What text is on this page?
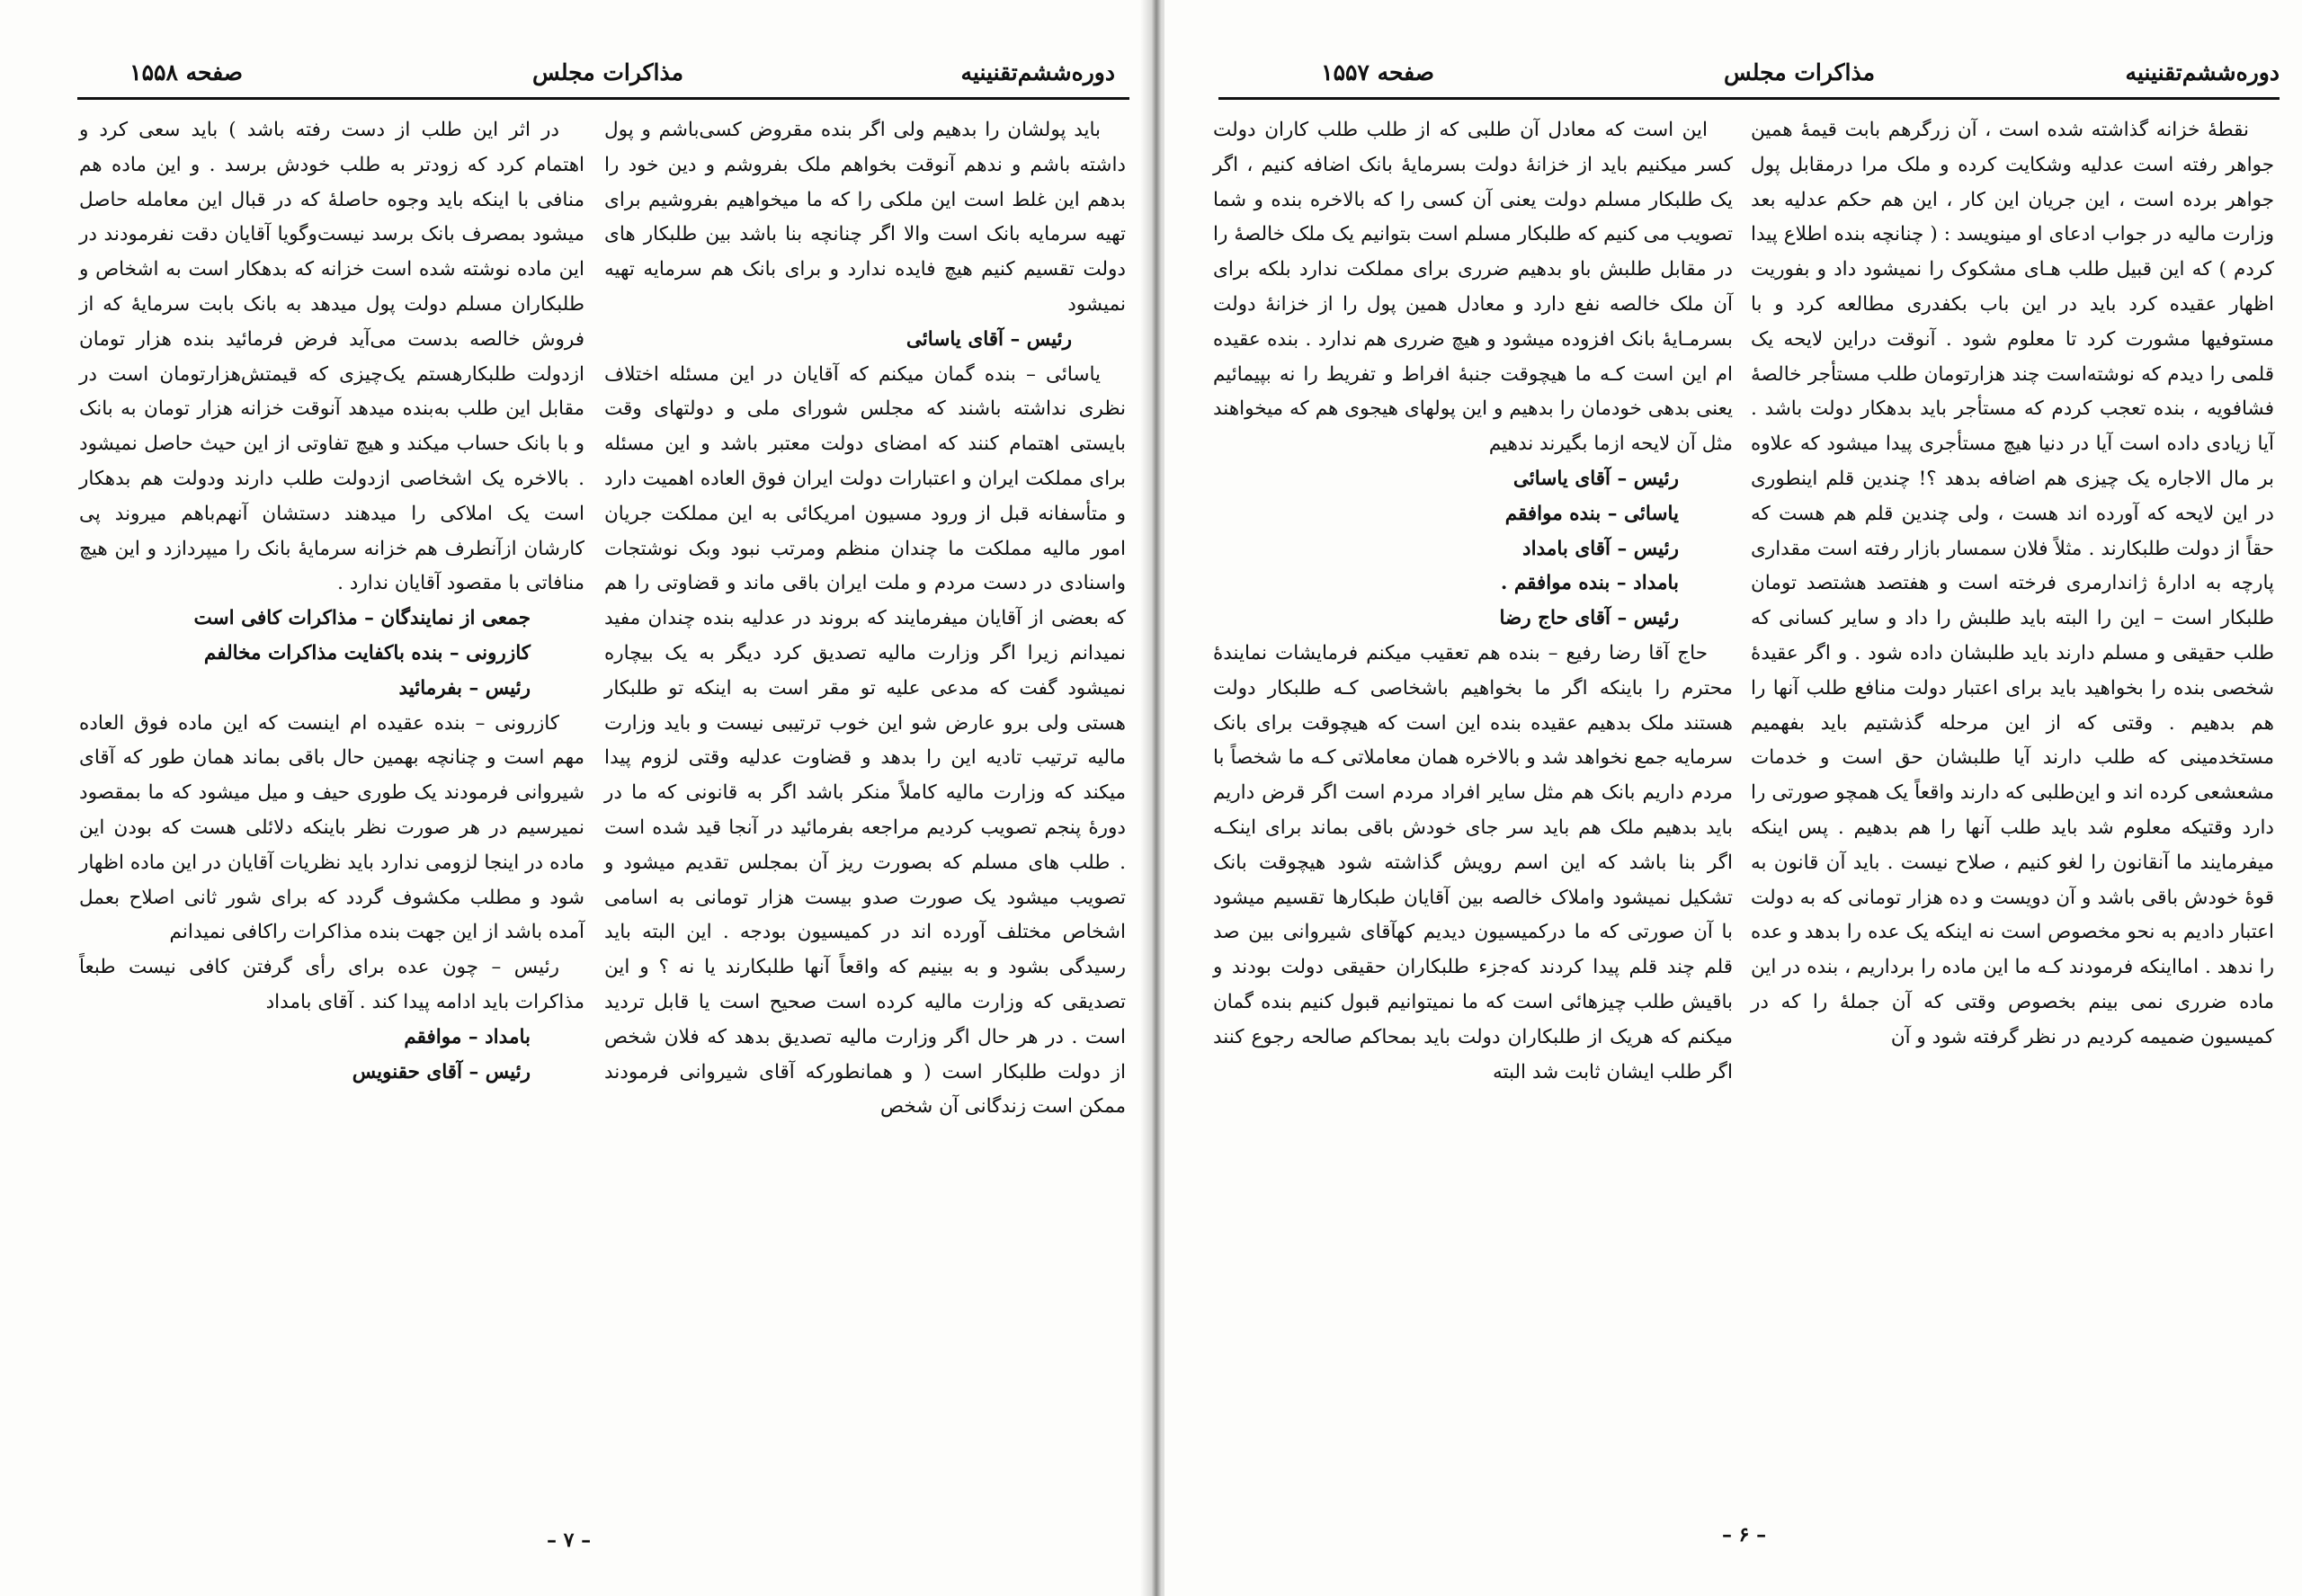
دوره‌ششم‌تقنینیه
مذاکرات مجلس
صفحه ۱۵۵۸

باید پولشان را بدهیم ولی اگر بنده مقروض کسی‌باشم و پول داشته باشم و ندهم آنوقت بخواهم ملک بفروشم و دین خود را بدهم این غلط است این ملکی را که ما میخواهیم بفروشیم برای تهیه سرمایه بانک است والا اگر چنانچه بنا باشد بین طلبکار های دولت تقسیم کنیم هیچ فایده ندارد و برای بانک هم سرمایه تهیه نمیشود

رئیس – آقای یاسائی

یاسائی – بنده گمان میکنم که آقایان در این مسئله اختلاف نظری نداشته باشند که مجلس شورای ملی و دولتهای وقت بایستی اهتمام کنند که امضای دولت معتبر باشد و این مسئله برای مملکت ایران و اعتبارات دولت ایران فوق العاده اهمیت دارد و متأسفانه قبل از ورود مسیون امریکائی به این مملکت جریان امور مالیه مملکت ما چندان منظم ومرتب نبود وبک نوشتجات واسنادی در دست مردم و ملت ایران باقی ماند و قضاوتی را هم که بعضی از آقایان میفرمایند که بروند در عدلیه بنده چندان مفید نمیدانم زیرا اگر وزارت مالیه تصدیق کرد دیگر به یک بیچاره نمیشود گفت که مدعی علیه تو مقر است به اینکه تو طلبکار هستی ولی برو عارض شو این خوب ترتیبی نیست و باید وزارت مالیه ترتیب تادیه این را بدهد و قضاوت عدلیه وقتی لزوم پیدا میکند که وزارت مالیه کاملاً منکر باشد اگر به قانونی که ما در دورهٔ پنجم تصویب کردیم مراجعه بفرمائید در آنجا قید شده است . طلب های مسلم که بصورت ریز آن بمجلس تقدیم میشود و تصویب میشود یک صورت صدو بیست هزار تومانی به اسامی اشخاص مختلف آورده اند در کمیسیون بودجه . این البته باید رسیدگی بشود و به بینیم که واقعاً آنها طلبکارند یا نه ؟ و این تصدیقی که وزارت مالیه کرده است صحیح است یا قابل تردید است . در هر حال اگر وزارت مالیه تصدیق بدهد که فلان شخص از دولت طلبکار است ( و همانطورکه آقای شیروانی فرمودند ممکن است زندگانی آن شخص

در اثر این طلب از دست رفته باشد ) باید سعی کرد و اهتمام کرد که زودتر به طلب خودش برسد . و این ماده هم منافی با اینکه باید وجوه حاصلهٔ که در قبال این معامله حاصل میشود بمصرف بانک برسد نیست‌وگویا آقایان دقت نفرمودند در این ماده نوشته شده است خزانه که بدهکار است به اشخاص و طلبکاران مسلم دولت پول میدهد به بانک بابت سرمایهٔ که از فروش خالصه بدست می‌آید فرض فرمائید بنده هزار تومان ازدولت طلبکارهستم یک‌چیزی که قیمتش‌هزارتومان است در مقابل این طلب به‌بنده میدهد آنوقت خزانه هزار تومان به بانک و با بانک حساب میکند و هیچ تفاوتی از این حیث حاصل نمیشود . بالاخره یک اشخاصی ازدولت طلب دارند ودولت هم بدهکار است یک املاکی را میدهند دستشان آنهم‌باهم میروند پی کارشان ازآنطرف هم خزانه سرمایهٔ بانک را میپردازد و این هیچ منافاتی با مقصود آقایان ندارد .

جمعی از نمایندگان – مذاکرات کافی است

کازرونی – بنده باکفایت مذاکرات مخالفم

رئیس – بفرمائید

کازرونی – بنده عقیده ام اینست که این ماده فوق العاده مهم است و چنانچه بهمین حال باقی بماند همان طور که آقای شیروانی فرمودند یک طوری حیف و میل میشود که ما بمقصود نمیرسیم در هر صورت نظر باینکه دلائلی هست که بودن این ماده در اینجا لزومی ندارد باید نظریات آقایان در این ماده اظهار شود و مطلب مکشوف گردد که برای شور ثانی اصلاح بعمل آمده باشد از این جهت بنده مذاکرات راکافی نمیدانم

رئیس – چون عده برای رأی گرفتن کافی نیست طبعاً مذاکرات باید ادامه پیدا کند . آقای بامداد

بامداد – موافقم

رئیس – آقای حقنویس

– ۷ –
دوره‌ششم‌تقنینیه
مذاکرات مجلس
صفحه ۱۵۵۷

نقطهٔ خزانه گذاشته شده است ، آن زرگرهم بابت قیمهٔ همین جواهر رفته است عدلیه وشکایت کرده و ملک مرا درمقابل پول جواهر برده است ، این جریان این کار ، این هم حکم عدلیه بعد وزارت مالیه در جواب ادعای او مینویسد : ( چنانچه بنده اطلاع پیدا کردم ) که این قبیل طلب هـای مشکوک را نمیشود داد و بفوریت اظهار عقیده کرد باید در این باب بکفدری مطالعه کرد و با مستوفیها مشورت کرد تا معلوم شود . آنوقت دراین لایحه یک قلمی را دیدم که نوشته‌است چند هزارتومان طلب مستأجر خالصهٔ فشافویه ، بنده تعجب کردم که مستأجر باید بدهکار دولت باشد . آیا زیادی داده است آیا در دنیا هیچ مستأجری پیدا میشود که علاوه بر مال الاجاره یک چیزی هم اضافه بدهد ؟! چندین قلم اینطوری در این لایحه که آورده اند هست ، ولی چندین قلم هم هست که حقاً از دولت طلبکارند . مثلاً فلان سمسار بازار رفته است مقداری پارچه به ادارهٔ ژاندارمری فرخته است و هفتصد هشتصد تومان طلبکار است – این را البته باید طلبش را داد و سایر کسانی که طلب حقیقی و مسلم دارند باید طلبشان داده شود . و اگر عقیدهٔ شخصی بنده را بخواهید باید برای اعتبار دولت منافع طلب آنها را هم بدهیم . وقتی که از این مرحله گذشتیم باید بفهمیم مستخدمینی که طلب دارند آیا طلبشان حق است و خدمات مشعشعی کرده اند و این‌طلبی که دارند واقعاً یک همچو صورتی را دارد وقتیکه معلوم شد باید طلب آنها را هم بدهیم . پس اینکه میفرمایند ما آنقانون را لغو کنیم ، صلاح نیست . باید آن قانون به قوهٔ خودش باقی باشد و آن دویست و ده هزار تومانی که به دولت اعتبار دادیم به نحو مخصوص است نه اینکه یک عده را بدهد و عده را ندهد . امااینکه فرمودند کـه ما این ماده را برداریم ، بنده در این ماده ضرری نمی بینم بخصوص وقتی که آن جملهٔ را که در کمیسیون ضمیمه کردیم در نظر گرفته شود و آن

این است که معادل آن طلبی که از طلب طلب کاران دولت کسر میکنیم باید از خزانهٔ دولت بسرمایهٔ بانک اضافه کنیم ، اگر یک طلبکار مسلم دولت یعنی آن کسی را که بالاخره بنده و شما تصویب می کنیم که طلبکار مسلم است بتوانیم یک ملک خالصهٔ را در مقابل طلبش باو بدهیم ضرری برای مملکت ندارد بلکه برای آن ملک خالصه نفع دارد و معادل همین پول را از خزانهٔ دولت بسرمـایهٔ بانک افزوده میشود و هیچ ضرری هم ندارد . بنده عقیده ام این است کـه ما هیچوقت جنبهٔ افراط و تفریط را نه بپیمائیم یعنی بدهی خودمان را بدهیم و این پولهای هیجوی هم که میخواهند مثل آن لایحه ازما بگیرند ندهیم

رئیس – آقای یاسائی

یاسائی – بنده موافقم

رئیس – آقای بامداد

بامداد – بنده موافقم .

رئیس – آقای حاج رضا

حاج آقا رضا رفیع – بنده هم تعقیب میکنم فرمایشات نمایندهٔ محترم را باینکه اگر ما بخواهیم باشخاصی کـه طلبکار دولت هستند ملک بدهیم عقیده بنده این است که هیچوقت برای بانک سرمایه جمع نخواهد شد و بالاخره همان معاملاتی کـه ما شخصاً با مردم داریم بانک هم مثل سایر افراد مردم است اگر قرض داریم باید بدهیم ملک هم باید سر جای خودش باقی بماند برای اینکـه اگر بنا باشد که این اسم رویش گذاشته شود هیچوقت بانک تشکیل نمیشود واملاک خالصه بین آقایان طبکارها تقسیم میشود با آن صورتی که ما درکمیسیون دیدیم کهآقای شیروانی بین صد قلم چند قلم پیدا کردند که‌جزء طلبکاران حقیقی دولت بودند و باقیش طلب چیزهائی است که ما نمیتوانیم قبول کنیم بنده گمان میکنم که هریک از طلبکاران دولت باید بمحاکم صالحه رجوع کنند اگر طلب ایشان ثابت شد البته

– ۶ –
